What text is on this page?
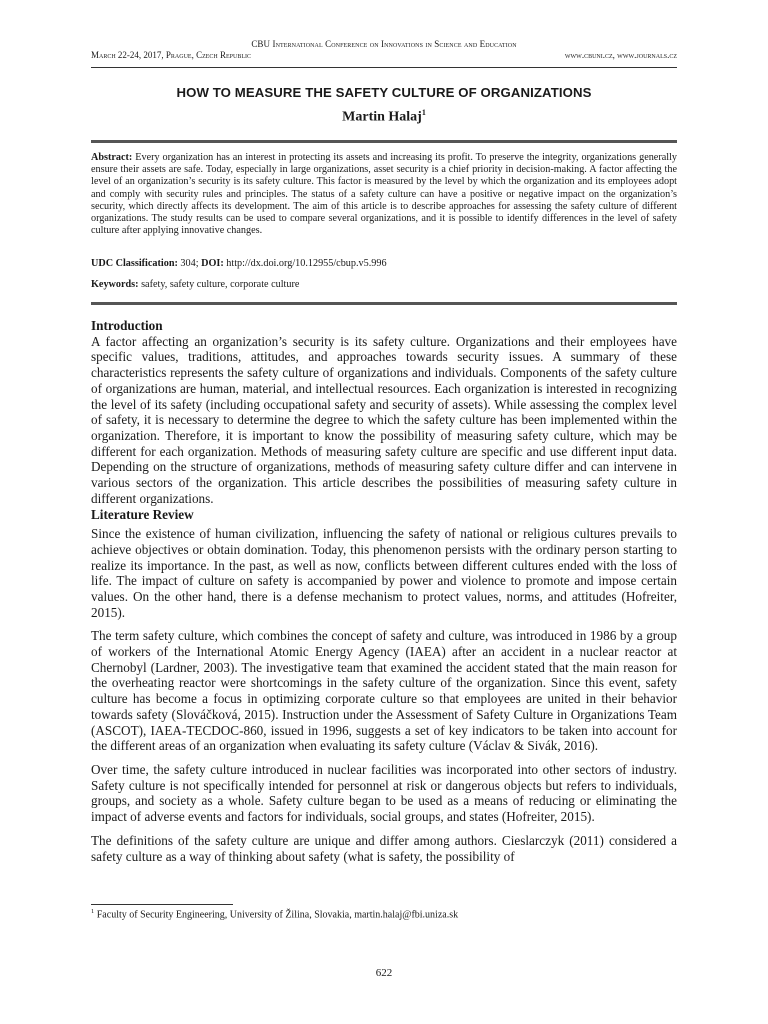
CBU International Conference on Innovations in Science and Education
March 22-24, 2017, Prague, Czech Republic	www.cbuni.cz, www.journals.cz
HOW TO MEASURE THE SAFETY CULTURE OF ORGANIZATIONS
Martin Halaj$^1$
Abstract: Every organization has an interest in protecting its assets and increasing its profit. To preserve the integrity, organizations generally ensure their assets are safe. Today, especially in large organizations, asset security is a chief priority in decision-making. A factor affecting the level of an organization’s security is its safety culture. This factor is measured by the level by which the organization and its employees adopt and comply with security rules and principles. The status of a safety culture can have a positive or negative impact on the organization’s security, which directly affects its development. The aim of this article is to describe approaches for assessing the safety culture of different organizations. The study results can be used to compare several organizations, and it is possible to identify differences in the level of safety culture after applying innovative changes.
UDC Classification: 304; DOI: http://dx.doi.org/10.12955/cbup.v5.996
Keywords: safety, safety culture, corporate culture
Introduction

A factor affecting an organization’s security is its safety culture. Organizations and their employees have specific values, traditions, attitudes, and approaches towards security issues. A summary of these characteristics represents the safety culture of organizations and individuals. Components of the safety culture of organizations are human, material, and intellectual resources. Each organization is interested in recognizing the level of its safety (including occupational safety and security of assets). While assessing the complex level of safety, it is necessary to determine the degree to which the safety culture has been implemented within the organization. Therefore, it is important to know the possibility of measuring safety culture, which may be different for each organization. Methods of measuring safety culture are specific and use different input data. Depending on the structure of organizations, methods of measuring safety culture differ and can intervene in various sectors of the organization. This article describes the possibilities of measuring safety culture in different organizations.

Literature Review

Since the existence of human civilization, influencing the safety of national or religious cultures prevails to achieve objectives or obtain domination. Today, this phenomenon persists with the ordinary person starting to realize its importance. In the past, as well as now, conflicts between different cultures ended with the loss of life. The impact of culture on safety is accompanied by power and violence to promote and impose certain values. On the other hand, there is a defense mechanism to protect values, norms, and attitudes (Hofreiter, 2015).

The term safety culture, which combines the concept of safety and culture, was introduced in 1986 by a group of workers of the International Atomic Energy Agency (IAEA) after an accident in a nuclear reactor at Chernobyl (Lardner, 2003). The investigative team that examined the accident stated that the main reason for the overheating reactor were shortcomings in the safety culture of the organization. Since this event, safety culture has become a focus in optimizing corporate culture so that employees are united in their behavior towards safety (Slováčková, 2015). Instruction under the Assessment of Safety Culture in Organizations Team (ASCOT), IAEA-TECDOC-860, issued in 1996, suggests a set of key indicators to be taken into account for the different areas of an organization when evaluating its safety culture (Václav & Sivák, 2016).

Over time, the safety culture introduced in nuclear facilities was incorporated into other sectors of industry. Safety culture is not specifically intended for personnel at risk or dangerous objects but refers to individuals, groups, and society as a whole. Safety culture began to be used as a means of reducing or eliminating the impact of adverse events and factors for individuals, social groups, and states (Hofreiter, 2015).

The definitions of the safety culture are unique and differ among authors. Cieslarczyk (2011) considered a safety culture as a way of thinking about safety (what is safety, the possibility of

$^1$ Faculty of Security Engineering, University of Žilina, Slovakia, martin.halaj@fbi.uniza.sk
622
